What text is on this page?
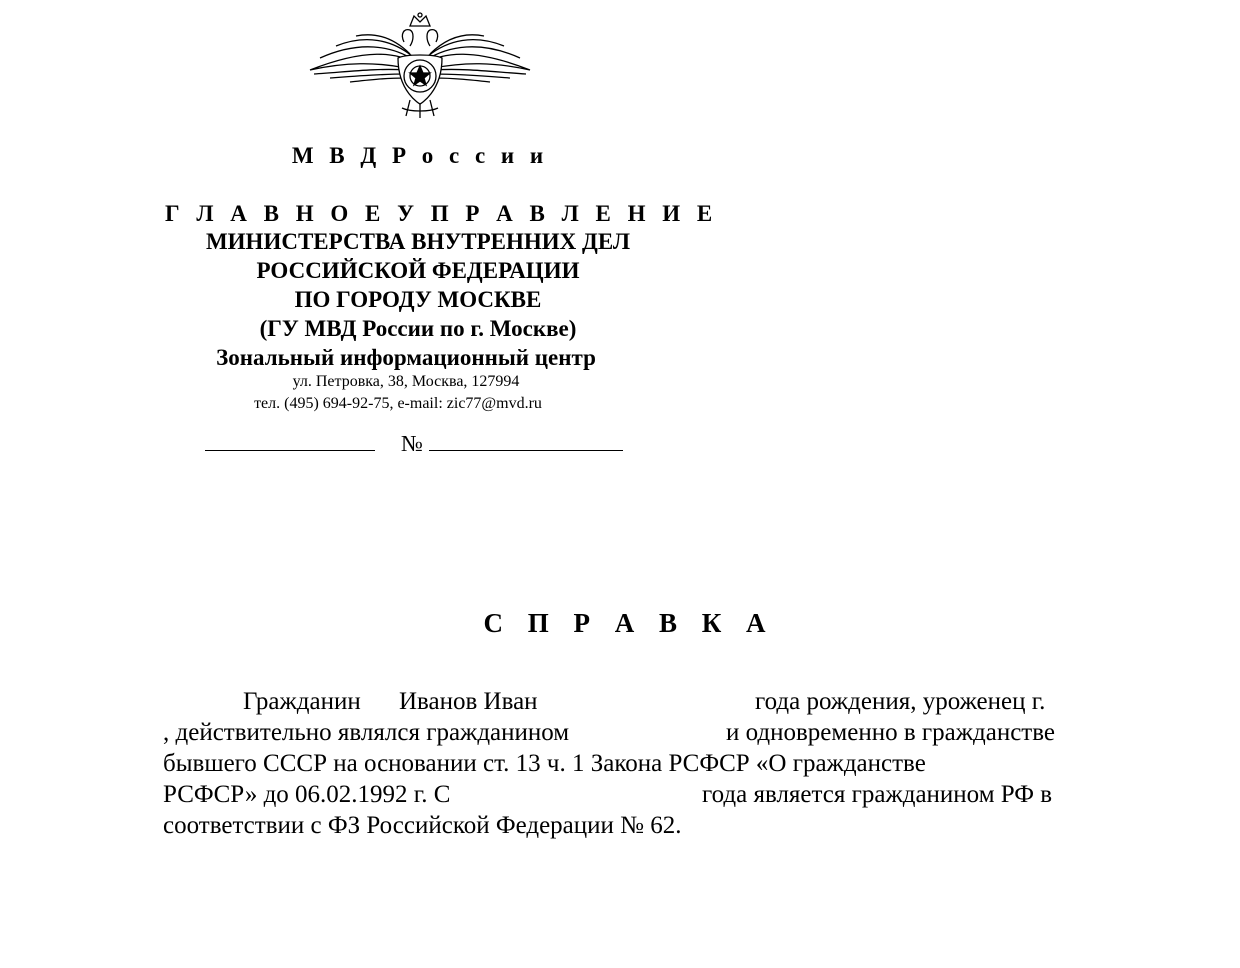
М В Д Р о с с и и
Г Л А В Н О Е У П Р А В Л Е Н И Е
МИНИСТЕРСТВА ВНУТРЕННИХ ДЕЛ
РОССИЙСКОЙ ФЕДЕРАЦИИ
ПО ГОРОДУ МОСКВЕ
(ГУ МВД России по г. Москве)
Зональный информационный центр
ул. Петровка, 38, Москва, 127994
тел. (495) 694-92-75, e-mail: zic77@mvd.ru
№
С П Р А В К А
Гражданин Иванов Иван	года рождения, уроженец г.
, действительно являлся гражданином	и одновременно в гражданстве
бывшего СССР на основании ст. 13 ч. 1 Закона РСФСР «О гражданстве
РСФСР» до 06.02.1992 г. С	года является гражданином РФ в
соответствии с ФЗ Российской Федерации № 62.
